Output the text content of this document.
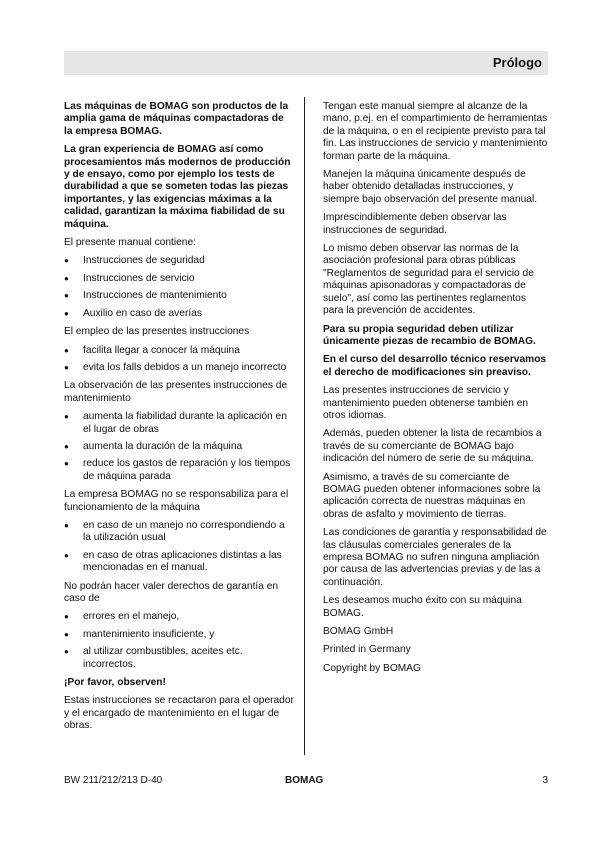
Prólogo

Las máquinas de BOMAG son productos de la amplia gama de máquinas compactadoras de la empresa BOMAG.

La gran experiencia de BOMAG así como procesamientos más modernos de producción y de ensayo, como por ejemplo los tests de durabilidad a que se someten todas las piezas importantes, y las exigencias máximas a la calidad, garantizan la máxima fiabilidad de su máquina.

El presente manual contiene:

● Instrucciones de seguridad
● Instrucciones de servicio
● Instrucciones de mantenimiento
● Auxilio en caso de averías

El empleo de las presentes instrucciones

● facilita llegar a conocer la máquina
● evita los falls debidos a un manejo incorrecto

La observación de las presentes instrucciones de mantenimiento

● aumenta la fiabilidad durante la aplicación en el lugar de obras
● aumenta la duración de la máquina
● reduce los gastos de reparación y los tiempos de máquina parada

La empresa BOMAG no se responsabiliza para el funcionamiento de la máquina

● en caso de un manejo no correspondiendo a la utilización usual
● en caso de otras aplicaciones distintas a las mencionadas en el manual.

No podrán hacer valer derechos de garantía en caso de

● errores en el manejo,
● mantenimiento insuficiente, y
● al utilizar combustibles, aceites etc. incorrectos.

¡Por favor, observen!

Estas instrucciones se recactaron para el operador y el encargado de mantenimiento en el lugar de obras.

Tengan este manual siempre al alcanze de la mano, p.ej. en el compartimiento de herramientas de la máquina, o en el recipiente previsto para tal fin. Las instrucciones de servicio y mantenimiento forman parte de la máquina.

Manejen la máquina únicamente después de haber obtenido detalladas instrucciones, y siempre bajo observación del presente manual.

Imprescindiblemente deben observar las instrucciones de seguridad.

Lo mismo deben observar las normas de la asociación profesional para obras públicas "Reglamentos de seguridad para el servicio de máquinas apisonadoras y compactadoras de suelo", así como las pertinentes reglamentos para la prevención de accidentes.

Para su propia seguridad deben utilizar únicamente piezas de recambio de BOMAG.

En el curso del desarrollo técnico reservamos el derecho de modificaciones sin preaviso.

Las presentes instrucciones de servicio y mantenimiento pueden obtenerse también en otros idiomas.

Además, pueden obtener la lista de recambios a través de su comerciante de BOMAG bajo indicación del número de serie de su máquina.

Asimismo, a través de su comerciante de BOMAG pueden obtener informaciones sobre la aplicación correcta de nuestras máquinas en obras de asfalto y movimiento de tierras.

Las condiciones de garantía y responsabilidad de las cláusulas comerciales generales de la empresa BOMAG no sufren ninguna ampliación por causa de las advertencias previas y de las a continuación.

Les deseamos mucho éxito con su máquina BOMAG.

BOMAG GmbH

Printed in Germany

Copyright by BOMAG

BW 211/212/213 D-40	BOMAG	3
